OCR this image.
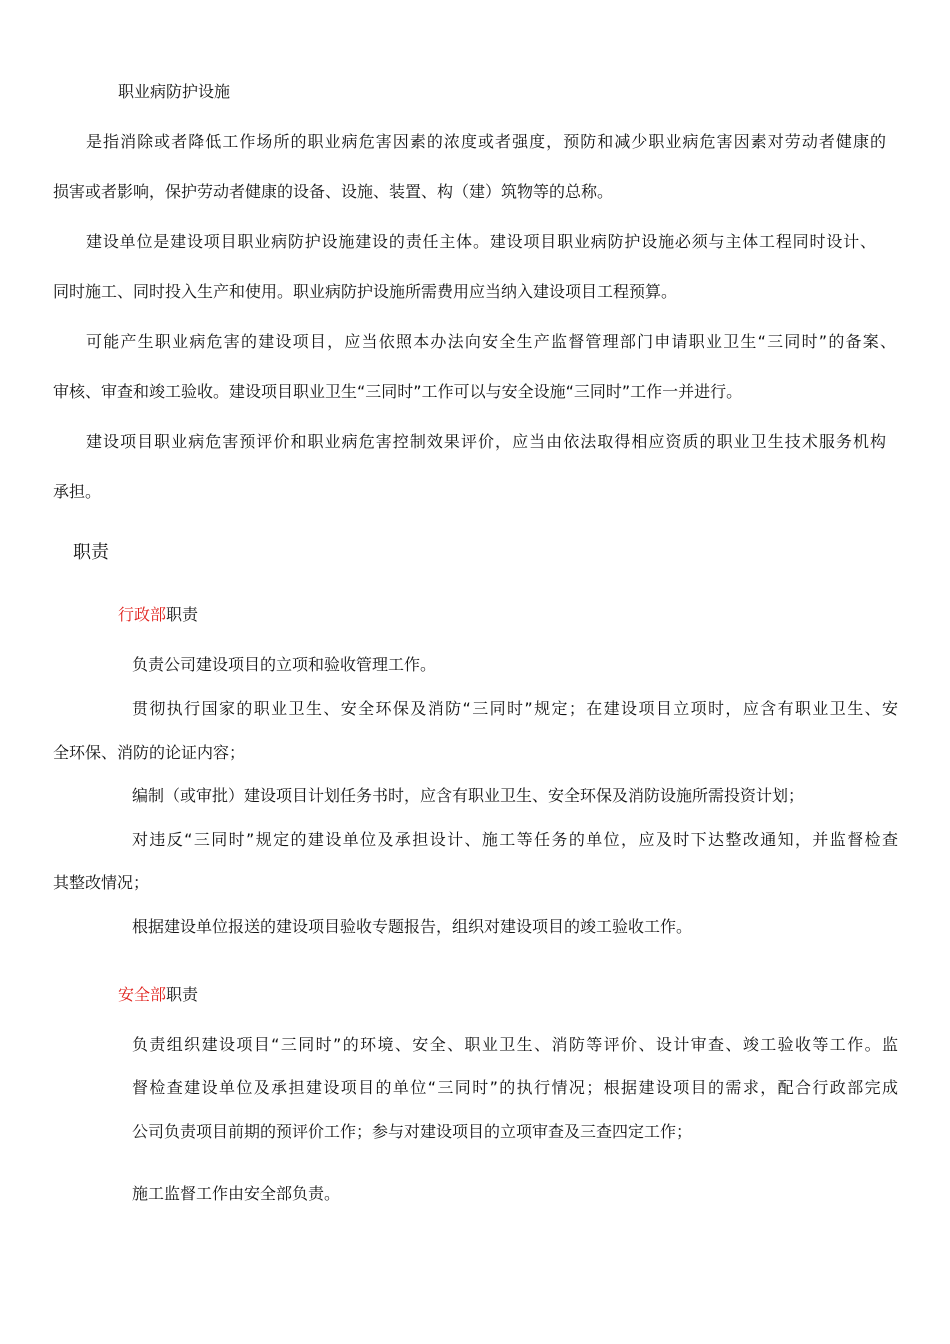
职业病防护设施
是指消除或者降低工作场所的职业病危害因素的浓度或者强度，预防和减少职业病危害因素对劳动者健康的
损害或者影响，保护劳动者健康的设备、设施、装置、构（建）筑物等的总称。
建设单位是建设项目职业病防护设施建设的责任主体。建设项目职业病防护设施必须与主体工程同时设计、
同时施工、同时投入生产和使用。职业病防护设施所需费用应当纳入建设项目工程预算。
可能产生职业病危害的建设项目，应当依照本办法向安全生产监督管理部门申请职业卫生“三同时”的备案、
审核、审查和竣工验收。建设项目职业卫生“三同时”工作可以与安全设施“三同时”工作一并进行。
建设项目职业病危害预评价和职业病危害控制效果评价，应当由依法取得相应资质的职业卫生技术服务机构
承担。
职责
行政部职责
负责公司建设项目的立项和验收管理工作。
贯彻执行国家的职业卫生、安全环保及消防“三同时”规定；在建设项目立项时，应含有职业卫生、安
全环保、消防的论证内容；
编制（或审批）建设项目计划任务书时，应含有职业卫生、安全环保及消防设施所需投资计划；
对违反“三同时”规定的建设单位及承担设计、施工等任务的单位，应及时下达整改通知，并监督检查
其整改情况；
根据建设单位报送的建设项目验收专题报告，组织对建设项目的竣工验收工作。
安全部职责
负责组织建设项目“三同时”的环境、安全、职业卫生、消防等评价、设计审查、竣工验收等工作。监
督检查建设单位及承担建设项目的单位“三同时”的执行情况；根据建设项目的需求，配合行政部完成
公司负责项目前期的预评价工作；参与对建设项目的立项审查及三查四定工作；
施工监督工作由安全部负责。
